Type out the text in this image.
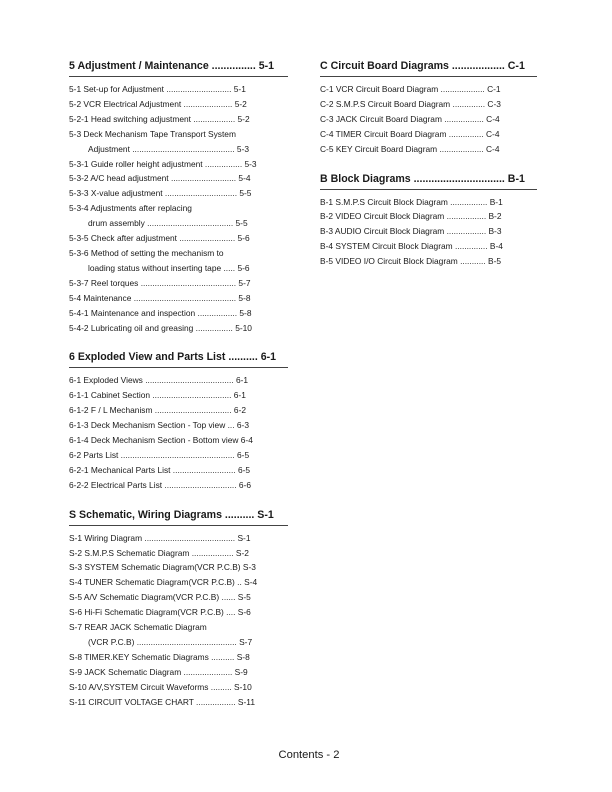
5 Adjustment / Maintenance ............... 5-1
5-1 Set-up for Adjustment ............................ 5-1
5-2 VCR Electrical Adjustment ..................... 5-2
5-2-1 Head switching adjustment .................. 5-2
5-3 Deck Mechanism Tape Transport System
Adjustment ............................................ 5-3
5-3-1 Guide roller height adjustment ................ 5-3
5-3-2 A/C head adjustment ............................ 5-4
5-3-3 X-value adjustment ............................... 5-5
5-3-4 Adjustments after replacing
drum assembly ..................................... 5-5
5-3-5 Check after adjustment ........................ 5-6
5-3-6 Method of setting the mechanism to
loading status without inserting tape ..... 5-6
5-3-7 Reel torques ......................................... 5-7
5-4 Maintenance ............................................ 5-8
5-4-1 Maintenance and inspection ................. 5-8
5-4-2 Lubricating oil and greasing ................ 5-10
6 Exploded View and Parts List .......... 6-1
6-1 Exploded Views ...................................... 6-1
6-1-1 Cabinet Section .................................. 6-1
6-1-2 F / L Mechanism ................................. 6-2
6-1-3 Deck Mechanism Section - Top view ... 6-3
6-1-4 Deck Mechanism Section - Bottom view 6-4
6-2 Parts List ................................................. 6-5
6-2-1 Mechanical Parts List ........................... 6-5
6-2-2 Electrical Parts List ............................... 6-6
S Schematic, Wiring Diagrams .......... S-1
S-1 Wiring Diagram ....................................... S-1
S-2 S.M.P.S Schematic Diagram .................. S-2
S-3 SYSTEM Schematic Diagram(VCR P.C.B) S-3
S-4 TUNER Schematic Diagram(VCR P.C.B) .. S-4
S-5 A/V Schematic Diagram(VCR P.C.B) ...... S-5
S-6 Hi-Fi Schematic Diagram(VCR P.C.B) .... S-6
S-7 REAR JACK Schematic Diagram
(VCR P.C.B) ........................................... S-7
S-8 TIMER.KEY Schematic Diagrams .......... S-8
S-9 JACK Schematic Diagram ..................... S-9
S-10 A/V,SYSTEM Circuit Waveforms ......... S-10
S-11 CIRCUIT VOLTAGE CHART ................. S-11
C Circuit Board Diagrams .................. C-1
C-1 VCR Circuit Board Diagram ................... C-1
C-2 S.M.P.S Circuit Board Diagram .............. C-3
C-3 JACK Circuit Board Diagram ................. C-4
C-4 TIMER Circuit Board Diagram ............... C-4
C-5 KEY Circuit Board Diagram ................... C-4
B Block Diagrams ............................... B-1
B-1 S.M.P.S Circuit Block Diagram ................ B-1
B-2 VIDEO Circuit Block Diagram ................. B-2
B-3 AUDIO Circuit Block Diagram ................. B-3
B-4 SYSTEM Circuit Block Diagram .............. B-4
B-5 VIDEO I/O Circuit Block Diagram ........... B-5
Contents - 2
